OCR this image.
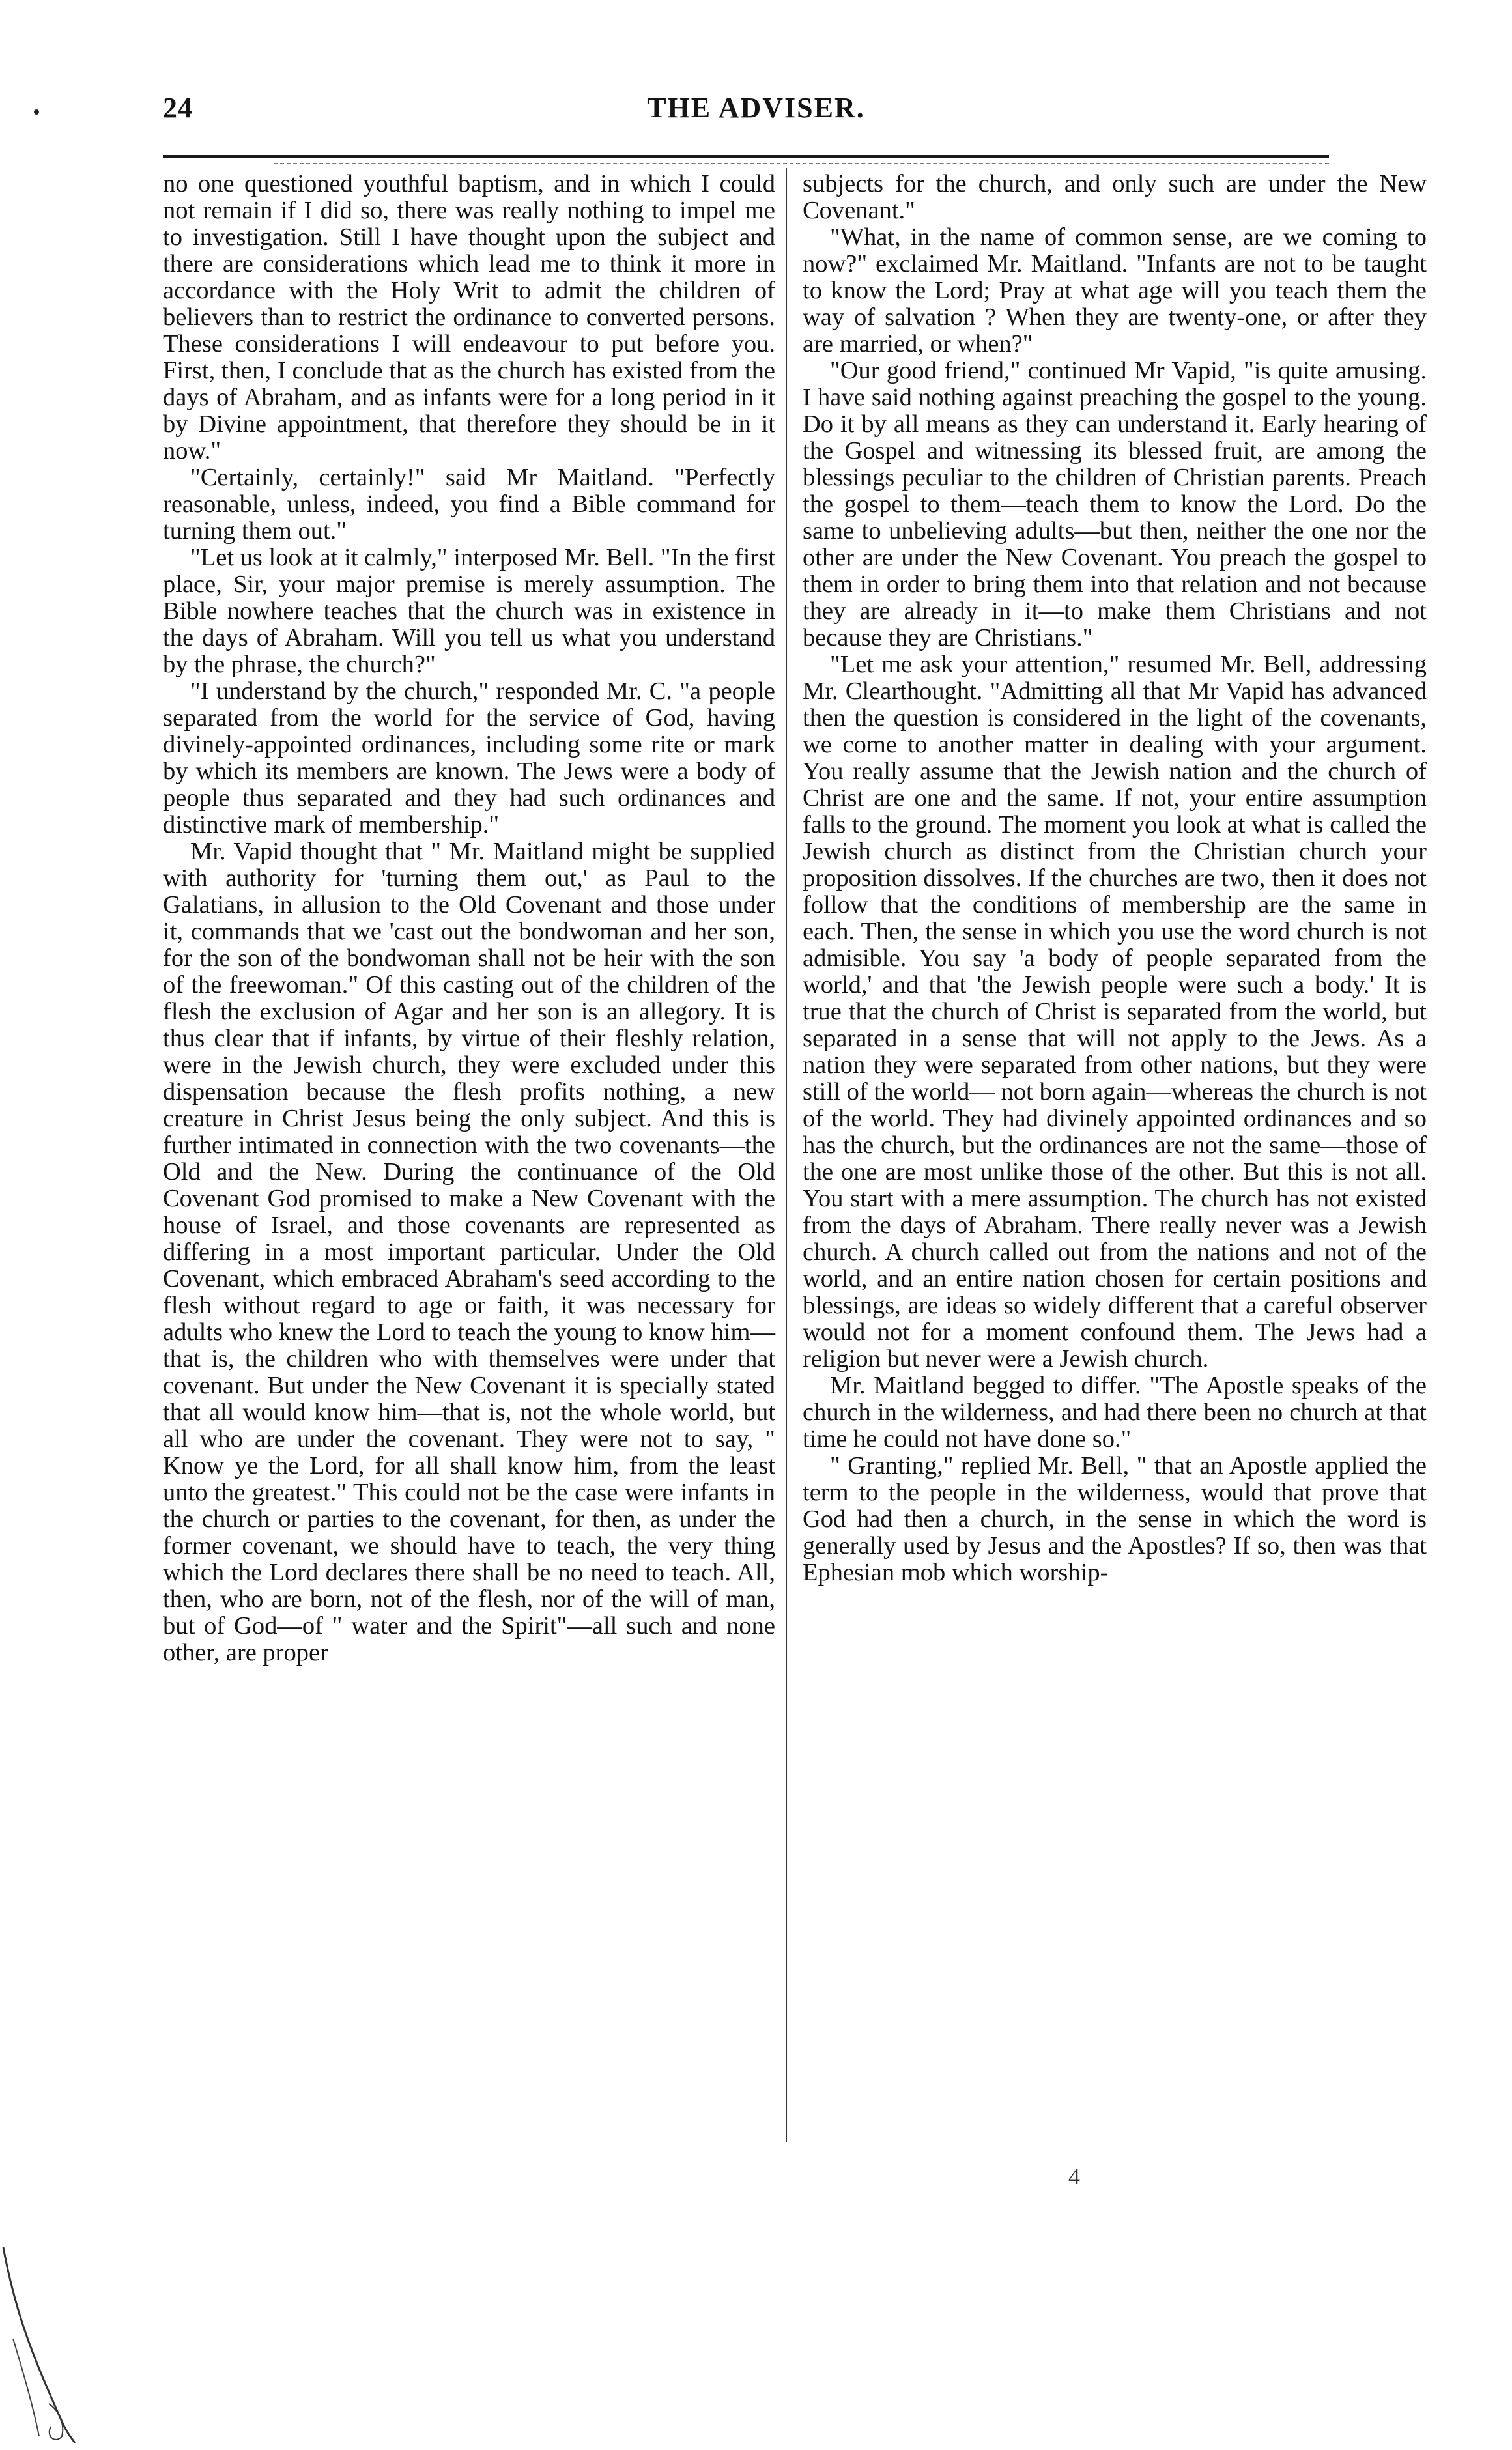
24	THE ADVISER.

no one questioned youthful baptism, and in which I could not remain if I did so, there was really nothing to impel me to investigation. Still I have thought upon the subject and there are considerations which lead me to think it more in accordance with the Holy Writ to admit the children of believers than to restrict the ordinance to converted persons. These considerations I will endeavour to put before you. First, then, I conclude that as the church has existed from the days of Abraham, and as infants were for a long period in it by Divine appointment, that therefore they should be in it now."

"Certainly, certainly!" said Mr Maitland. "Perfectly reasonable, unless, indeed, you find a Bible command for turning them out."

"Let us look at it calmly," interposed Mr. Bell. "In the first place, Sir, your major premise is merely assumption. The Bible nowhere teaches that the church was in existence in the days of Abraham. Will you tell us what you understand by the phrase, the church?"

"I understand by the church," responded Mr. C. "a people separated from the world for the service of God, having divinely-appointed ordinances, including some rite or mark by which its members are known. The Jews were a body of people thus separated and they had such ordinances and distinctive mark of membership."

Mr. Vapid thought that " Mr. Maitland might be supplied with authority for 'turning them out,' as Paul to the Galatians, in allusion to the Old Covenant and those under it, commands that we 'cast out the bondwoman and her son, for the son of the bondwoman shall not be heir with the son of the freewoman." Of this casting out of the children of the flesh the exclusion of Agar and her son is an allegory. It is thus clear that if infants, by virtue of their fleshly relation, were in the Jewish church, they were excluded under this dispensation because the flesh profits nothing, a new creature in Christ Jesus being the only subject. And this is further intimated in connection with the two covenants—the Old and the New. During the continuance of the Old Covenant God promised to make a New Covenant with the house of Israel, and those covenants are represented as differing in a most important particular. Under the Old Covenant, which embraced Abraham's seed according to the flesh without regard to age or faith, it was necessary for adults who knew the Lord to teach the young to know him—that is, the children who with themselves were under that covenant. But under the New Covenant it is specially stated that all would know him—that is, not the whole world, but all who are under the covenant. They were not to say, " Know ye the Lord, for all shall know him, from the least unto the greatest." This could not be the case were infants in the church or parties to the covenant, for then, as under the former covenant, we should have to teach, the very thing which the Lord declares there shall be no need to teach. All, then, who are born, not of the flesh, nor of the will of man, but of God—of " water and the Spirit"—all such and none other, are proper

subjects for the church, and only such are under the New Covenant."

"What, in the name of common sense, are we coming to now?" exclaimed Mr. Maitland. "Infants are not to be taught to know the Lord; Pray at what age will you teach them the way of salvation ? When they are twenty-one, or after they are married, or when?"

"Our good friend," continued Mr Vapid, "is quite amusing. I have said nothing against preaching the gospel to the young. Do it by all means as they can understand it. Early hearing of the Gospel and witnessing its blessed fruit, are among the blessings peculiar to the children of Christian parents. Preach the gospel to them—teach them to know the Lord. Do the same to unbelieving adults—but then, neither the one nor the other are under the New Covenant. You preach the gospel to them in order to bring them into that relation and not because they are already in it—to make them Christians and not because they are Christians."

"Let me ask your attention," resumed Mr. Bell, addressing Mr. Clearthought. "Admitting all that Mr Vapid has advanced then the question is considered in the light of the covenants, we come to another matter in dealing with your argument. You really assume that the Jewish nation and the church of Christ are one and the same. If not, your entire assumption falls to the ground. The moment you look at what is called the Jewish church as distinct from the Christian church your proposition dissolves. If the churches are two, then it does not follow that the conditions of membership are the same in each. Then, the sense in which you use the word church is not admisible. You say 'a body of people separated from the world,' and that 'the Jewish people were such a body.' It is true that the church of Christ is separated from the world, but separated in a sense that will not apply to the Jews. As a nation they were separated from other nations, but they were still of the world— not born again—whereas the church is not of the world. They had divinely appointed ordinances and so has the church, but the ordinances are not the same—those of the one are most unlike those of the other. But this is not all. You start with a mere assumption. The church has not existed from the days of Abraham. There really never was a Jewish church. A church called out from the nations and not of the world, and an entire nation chosen for certain positions and blessings, are ideas so widely different that a careful observer would not for a moment confound them. The Jews had a religion but never were a Jewish church.

Mr. Maitland begged to differ. "The Apostle speaks of the church in the wilderness, and had there been no church at that time he could not have done so."

" Granting," replied Mr. Bell, " that an Apostle applied the term to the people in the wilderness, would that prove that God had then a church, in the sense in which the word is generally used by Jesus and the Apostles? If so, then was that Ephesian mob which worship-

4
